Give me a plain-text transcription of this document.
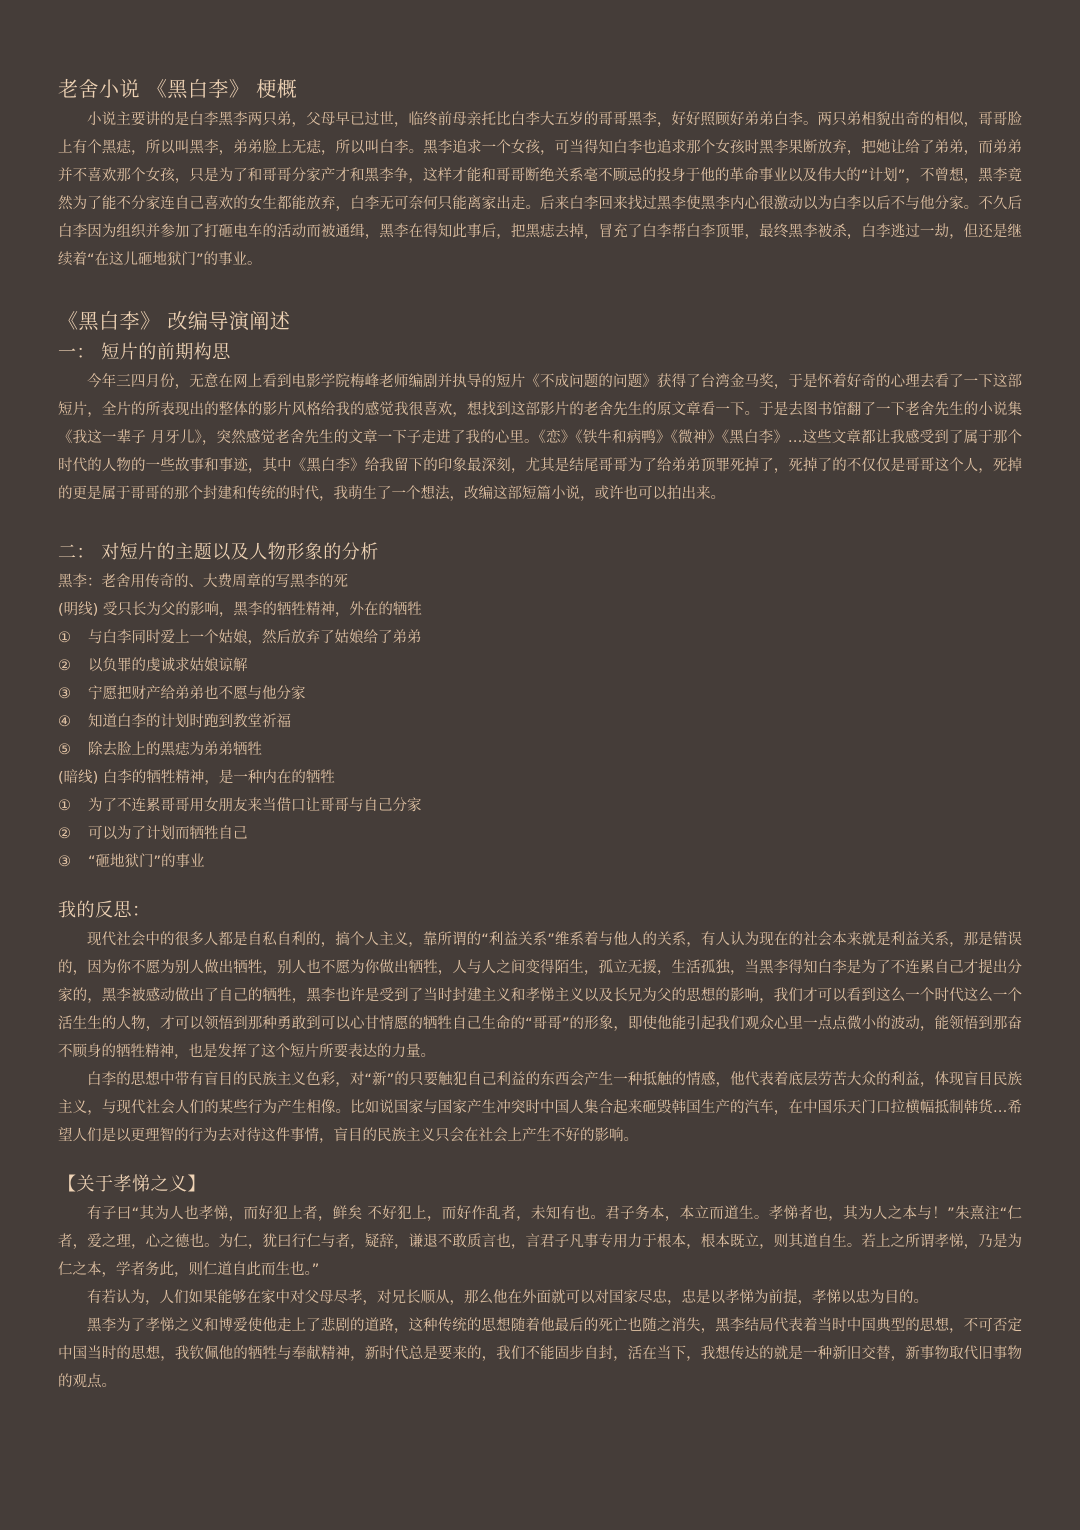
老舍小说 《黑白李》 梗概

小说主要讲的是白李黑李两只弟，父母早已过世，临终前母亲托比白李大五岁的哥哥黑李，好好照顾好弟弟白李。两只弟相貌出奇的相似，哥哥脸上有个黑痣，所以叫黑李，弟弟脸上无痣，所以叫白李。黑李追求一个女孩，可当得知白李也追求那个女孩时黑李果断放弃，把她让给了弟弟，而弟弟并不喜欢那个女孩，只是为了和哥哥分家产才和黑李争，这样才能和哥哥断绝关系毫不顾忌的投身于他的革命事业以及伟大的“计划”，不曾想，黑李竟然为了能不分家连自己喜欢的女生都能放弃，白李无可奈何只能离家出走。后来白李回来找过黑李使黑李内心很激动以为白李以后不与他分家。不久后白李因为组织并参加了打砸电车的活动而被通缉，黑李在得知此事后，把黑痣去掉，冒充了白李帮白李顶罪，最终黑李被杀，白李逃过一劫，但还是继续着“在这儿砸地狱门”的事业。

《黑白李》 改编导演阐述
一： 短片的前期构思

今年三四月份，无意在网上看到电影学院梅峰老师编剧并执导的短片《不成问题的问题》获得了台湾金马奖，于是怀着好奇的心理去看了一下这部短片，全片的所表现出的整体的影片风格给我的感觉我很喜欢，想找到这部影片的老舍先生的原文章看一下。于是去图书馆翻了一下老舍先生的小说集《我这一辈子 月牙儿》，突然感觉老舍先生的文章一下子走进了我的心里。《恋》《铁牛和病鸭》《微神》《黑白李》…这些文章都让我感受到了属于那个时代的人物的一些故事和事迹，其中《黑白李》给我留下的印象最深刻，尤其是结尾哥哥为了给弟弟顶罪死掉了，死掉了的不仅仅是哥哥这个人，死掉的更是属于哥哥的那个封建和传统的时代，我萌生了一个想法，改编这部短篇小说，或许也可以拍出来。

二： 对短片的主题以及人物形象的分析
黑李：老舍用传奇的、大费周章的写黑李的死
(明线) 受只长为父的影响，黑李的牺牲精神，外在的牺牲
① 与白李同时爱上一个姑娘，然后放弃了姑娘给了弟弟
② 以负罪的虔诚求姑娘谅解
③ 宁愿把财产给弟弟也不愿与他分家
④ 知道白李的计划时跑到教堂祈福
⑤ 除去脸上的黑痣为弟弟牺牲
(暗线) 白李的牺牲精神，是一种内在的牺牲
① 为了不连累哥哥用女朋友来当借口让哥哥与自己分家
② 可以为了计划而牺牲自己
③ “砸地狱门”的事业
我的反思：

现代社会中的很多人都是自私自利的，搞个人主义，靠所谓的“利益关系”维系着与他人的关系，有人认为现在的社会本来就是利益关系，那是错误的，因为你不愿为别人做出牺牲，别人也不愿为你做出牺牲，人与人之间变得陌生，孤立无援，生活孤独，当黑李得知白李是为了不连累自己才提出分家的，黑李被感动做出了自己的牺牲，黑李也许是受到了当时封建主义和孝悌主义以及长兄为父的思想的影响，我们才可以看到这么一个时代这么一个活生生的人物，才可以领悟到那种勇敢到可以心甘情愿的牺牲自己生命的“哥哥”的形象，即使他能引起我们观众心里一点点微小的波动，能领悟到那奋不顾身的牺牲精神，也是发挥了这个短片所要表达的力量。

白李的思想中带有盲目的民族主义色彩，对“新”的只要触犯自己利益的东西会产生一种抵触的情感，他代表着底层劳苦大众的利益，体现盲目民族主义，与现代社会人们的某些行为产生相像。比如说国家与国家产生冲突时中国人集合起来砸毁韩国生产的汽车，在中国乐天门口拉横幅抵制韩货…希望人们是以更理智的行为去对待这件事情，盲目的民族主义只会在社会上产生不好的影响。

【关于孝悌之义】

有子曰“其为人也孝悌，而好犯上者，鲜矣 不好犯上，而好作乱者，未知有也。君子务本，本立而道生。孝悌者也，其为人之本与！”朱熹注“仁者，爱之理，心之德也。为仁，犹曰行仁与者，疑辞，谦退不敢质言也，言君子凡事专用力于根本，根本既立，则其道自生。若上之所谓孝悌，乃是为仁之本，学者务此，则仁道自此而生也。”

有若认为，人们如果能够在家中对父母尽孝，对兄长顺从，那么他在外面就可以对国家尽忠，忠是以孝悌为前提，孝悌以忠为目的。

黑李为了孝悌之义和博爱使他走上了悲剧的道路，这种传统的思想随着他最后的死亡也随之消失，黑李结局代表着当时中国典型的思想，不可否定中国当时的思想，我钦佩他的牺牲与奉献精神，新时代总是要来的，我们不能固步自封，活在当下，我想传达的就是一种新旧交替，新事物取代旧事物的观点。
